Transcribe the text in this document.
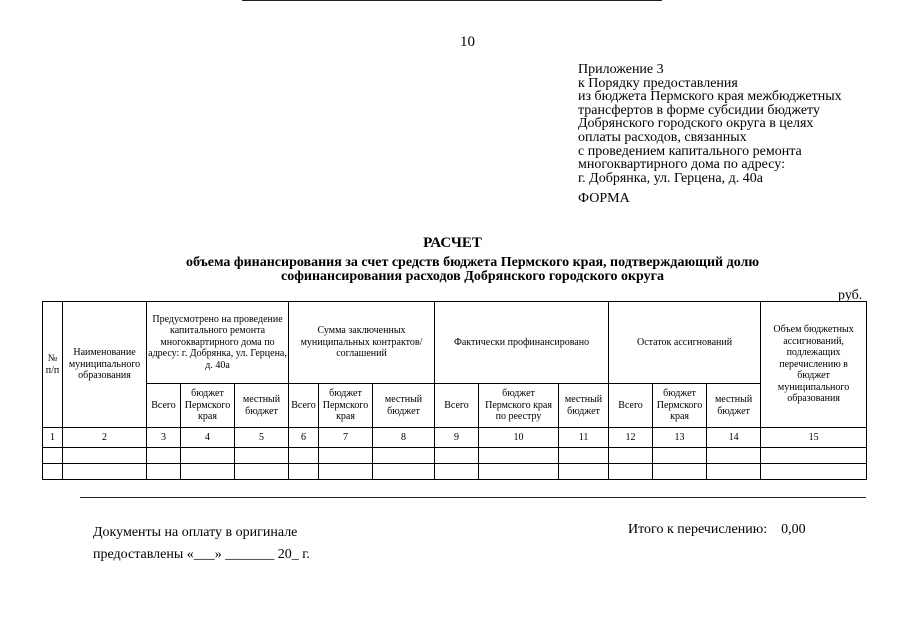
10
Приложение 3
к Порядку предоставления
из бюджета Пермского края межбюджетных
трансфертов в форме субсидии бюджету
Добрянского городского округа в целях
оплаты расходов, связанных
с проведением капитального ремонта
многоквартирного дома по адресу:
г. Добрянка, ул. Герцена, д. 40а
ФОРМА
РАСЧЕТ
объема финансирования за счет средств бюджета Пермского края, подтверждающий долю
софинансирования расходов Добрянского городского округа
руб.
№ п/п	Наименование муниципального образования	Предусмотрено на проведение капитального ремонта многоквартирного дома по адресу: г. Добрянка, ул. Герцена, д. 40а			Сумма заключенных муниципальных контрактов/соглашений			Фактически профинансировано			Остаток ассигнований			Объем бюджетных ассигнований, подлежащих перечислению в бюджет муниципального образования
		Всего	бюджет Пермского края	местный бюджет	Всего	бюджет Пермского края	местный бюджет	Всего	бюджет Пермского края по реестру	местный бюджет	Всего	бюджет Пермского края	местный бюджет	
1	2	3	4	5	6	7	8	9	10	11	12	13	14	15

Документы на оплату в оригинале
предоставлены «___» _______ 20_ г.
Итого к перечислению: 0,00
